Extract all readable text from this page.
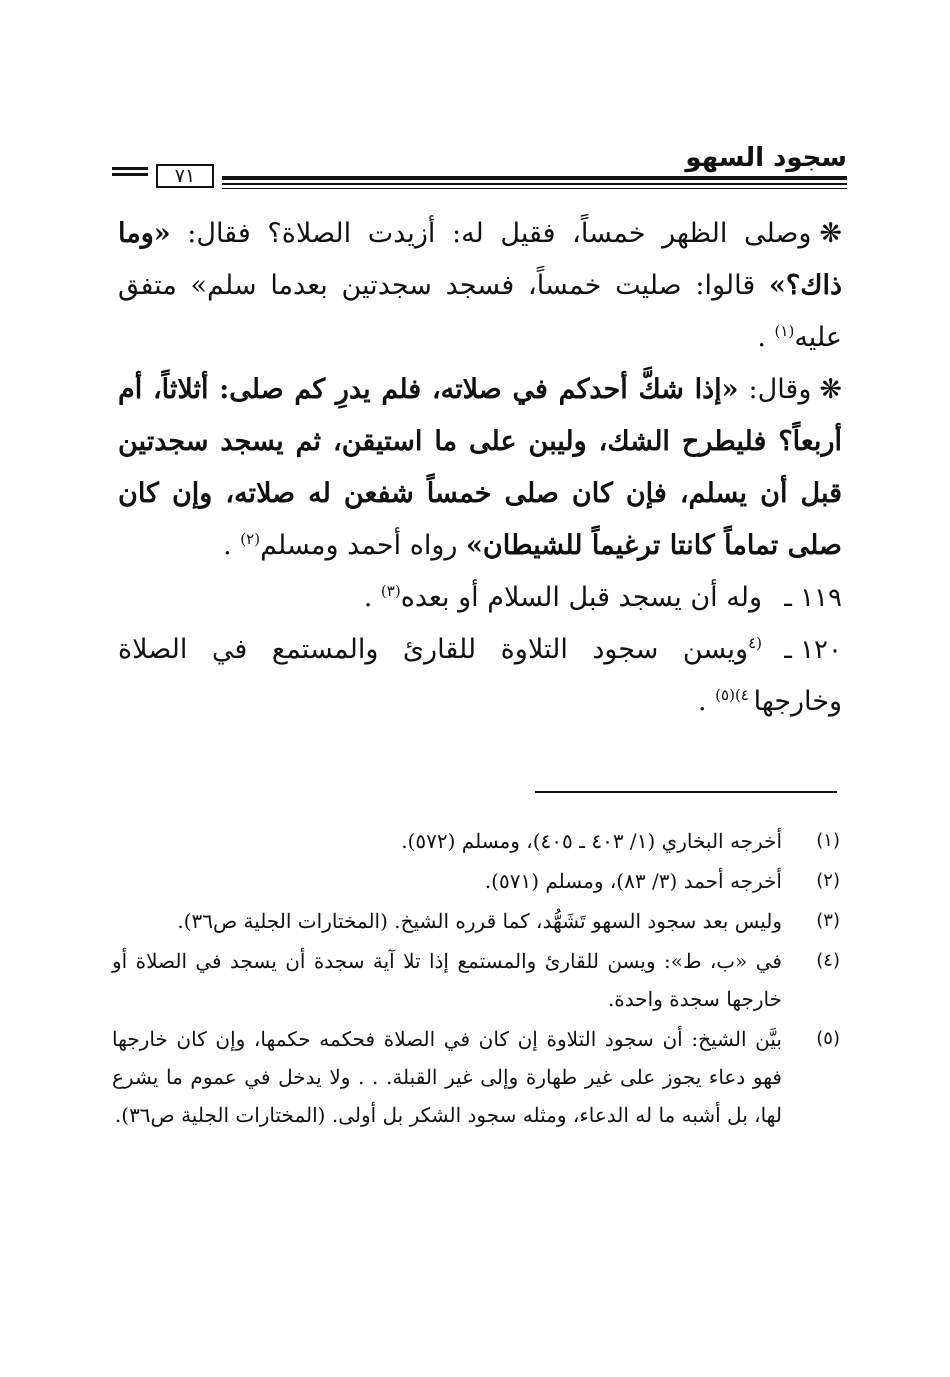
سجود السهو
٧١

❋وصلى الظهر خمساً، فقيل له: أزيدت الصلاة؟ فقال: «وما ذاك؟» قالوا: صليت خمساً، فسجد سجدتين بعدما سلم» متفق عليه$^{(١)}$ .

❋وقال: «إذا شكَّ أحدكم في صلاته، فلم يدرِ كم صلى: أثلاثاً، أم أربعاً؟ فليطرح الشك، وليبن على ما استيقن، ثم يسجد سجدتين قبل أن يسلم، فإن كان صلى خمساً شفعن له صلاته، وإن كان صلى تماماً كانتا ترغيماً للشيطان» رواه أحمد ومسلم$^{(٢)}$ .

١١٩ ـوله أن يسجد قبل السلام أو بعده$^{(٣)}$ .

١٢٠ ـ$^{(٤}$ويسن سجود التلاوة للقارئ والمستمع في الصلاة وخارجها $^{٤)(٥)}$ .

(١)
أخرجه البخاري (١/ ٤٠٣ ـ ٤٠٥)، ومسلم (٥٧٢).

(٢)
أخرجه أحمد (٣/ ٨٣)، ومسلم (٥٧١).

(٣)
وليس بعد سجود السهو تَشَهُّد، كما قرره الشيخ. (المختارات الجلية ص٣٦).

(٤)
في «ب، ط»: ويسن للقارئ والمستمع إذا تلا آية سجدة أن يسجد في الصلاة أو خارجها سجدة واحدة.

(٥)
بيَّن الشيخ: أن سجود التلاوة إن كان في الصلاة فحكمه حكمها، وإن كان خارجها فهو دعاء يجوز على غير طهارة وإلى غير القبلة. . . ولا يدخل في عموم ما يشرع لها، بل أشبه ما له الدعاء، ومثله سجود الشكر بل أولى. (المختارات الجلية ص٣٦).
